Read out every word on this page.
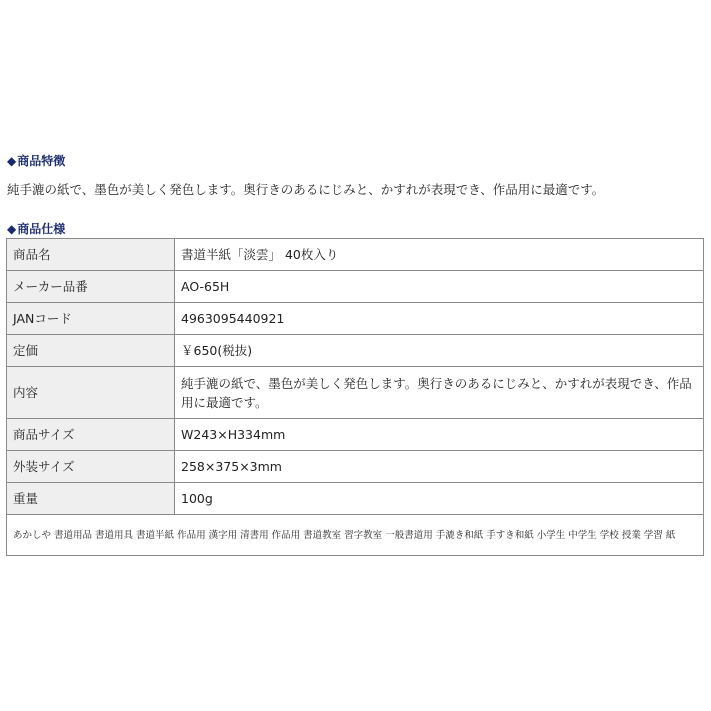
◆商品特徴
純手漉の紙で、墨色が美しく発色します。奥行きのあるにじみと、かすれが表現でき、作品用に最適です。
◆商品仕様
商品名	書道半紙「淡雲」 40枚入り
メーカー品番	AO-65H
JANコード	4963095440921
定価	￥650(税抜)
内容	純手漉の紙で、墨色が美しく発色します。奥行きのあるにじみと、かすれが表現でき、作品用に最適です。
商品サイズ	W243×H334mm
外装サイズ	258×375×3mm
重量	100g
あかしや 書道用品 書道用具 書道半紙 作品用 漢字用 清書用 作品用 書道教室 習字教室 一般書道用 手漉き和紙 手すき和紙 小学生 中学生 学校 授業 学習 紙	
